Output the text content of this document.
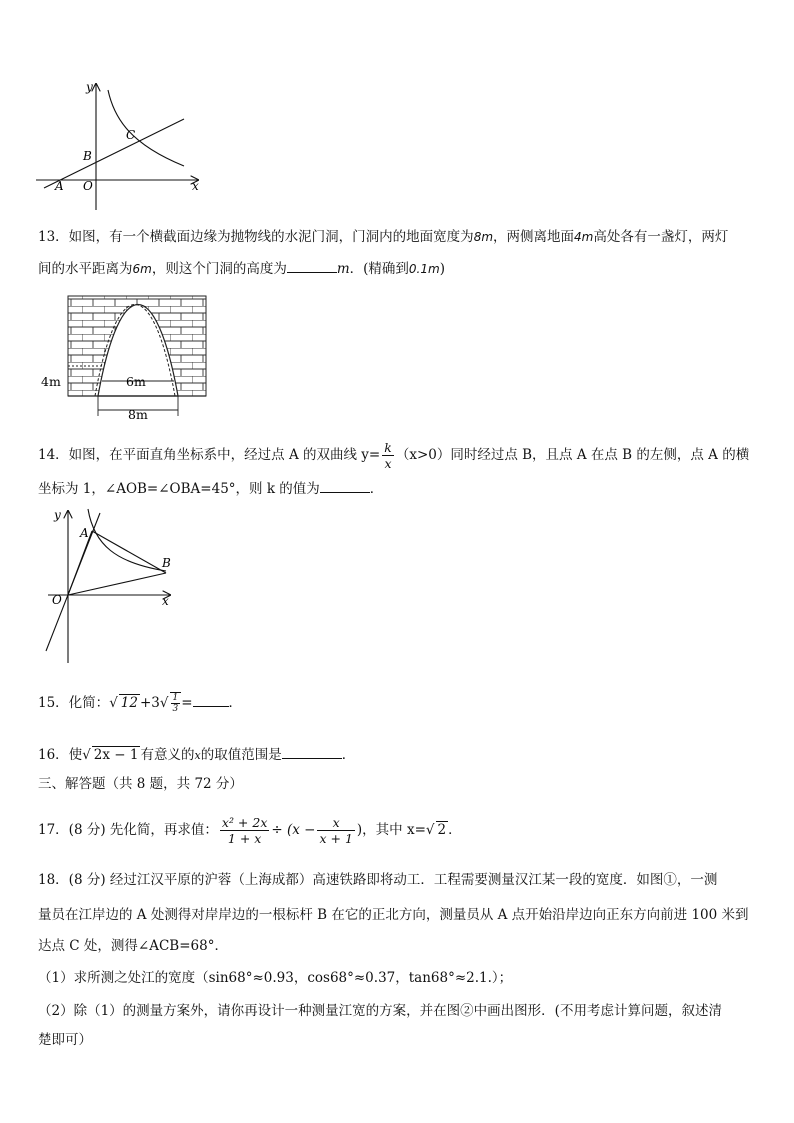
y
x
C
B
A O
13．如图，有一个横截面边缘为抛物线的水泥门洞，门洞内的地面宽度为8m，两侧离地面4m高处各有一盏灯，两灯
间的水平距离为6m，则这个门洞的高度为	m．(精确到0.1m)
4m	6m
8m
14．如图，在平面直角坐标系中，经过点 A 的双曲线 $y= \frac{k}{x} (x>0)$同时经过点 B，且点 A 在点 B 的左侧，点 A 的横
坐标为 1，∠AOB=∠OBA=45°，则 k 的值为	．
y
x
A
B
O
15．化简：√ $12 +3√ \frac{1}{3}$ =	．
16．使√ 2x − 1 有意义的x的取值范围是	．
三、解答题（共 8 题，共 72 分）
17．(8 分) 先化简，再求值： $\frac{\text{x² + 2x}}{1 + x} \div (x - \frac{x}{x + 1}$ )，其中 x=√ 2 ．
18．(8 分) 经过江汉平原的沪蓉（上海成都）高速铁路即将动工．工程需要测量汉江某一段的宽度．如图①，一测
量员在江岸边的 A 处测得对岸岸边的一根标杆 B 在它的正北方向，测量员从 A 点开始沿岸边向正东方向前进 100 米到
达点 C 处，测得∠ACB=68°．
（1）求所测之处江的宽度（sin68°≈0.93，cos68°≈0.37，tan68°≈2.1.）；
（2）除（1）的测量方案外，请你再设计一种测量江宽的方案，并在图②中画出图形．(不用考虑计算问题，叙述清
楚即可）
